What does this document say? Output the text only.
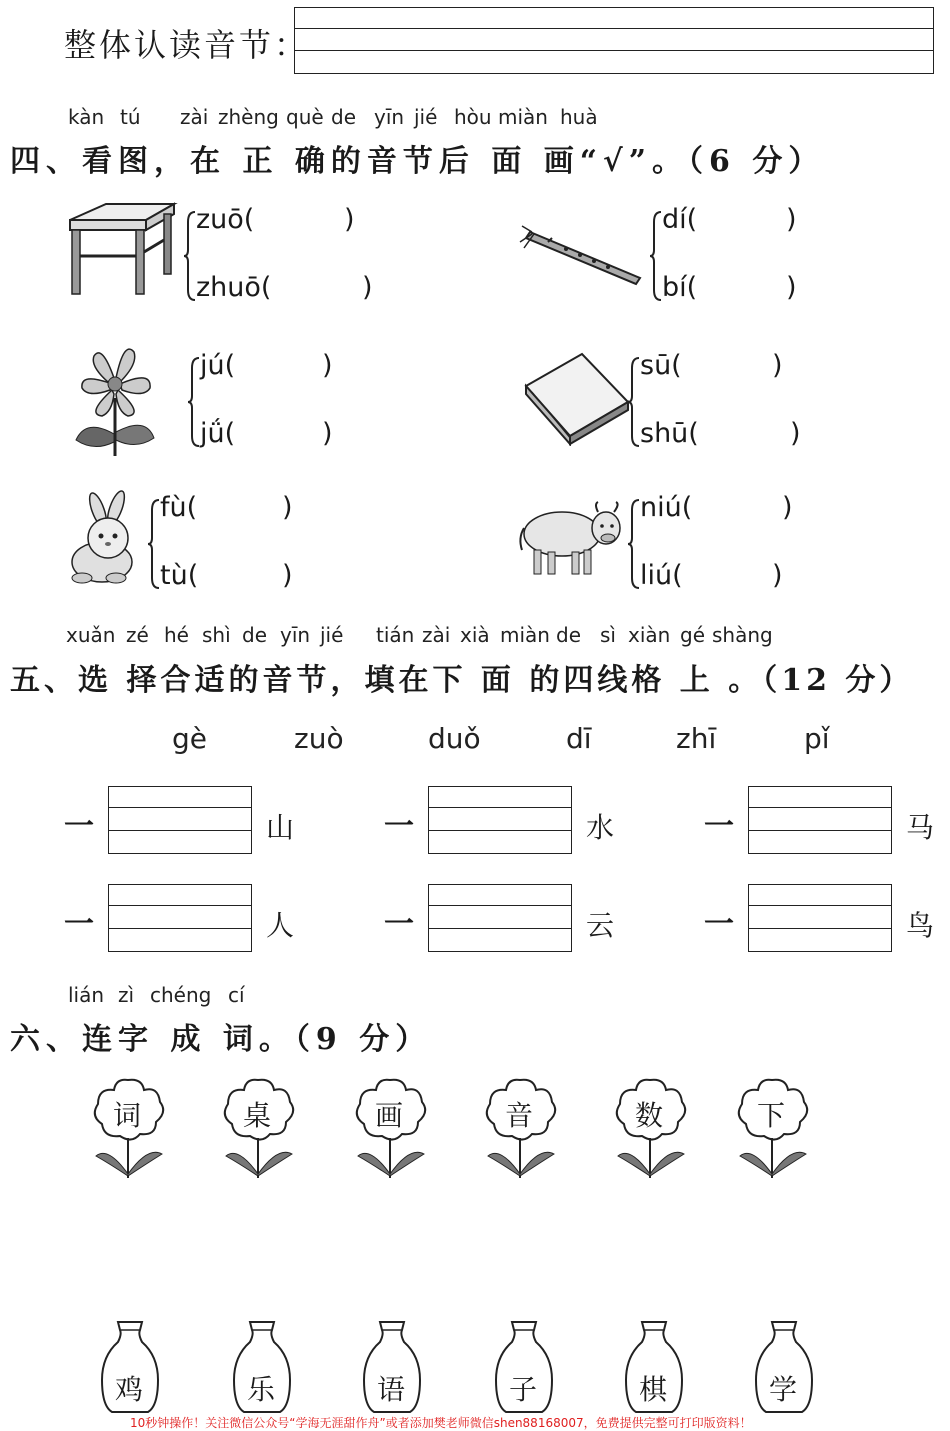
整体认读音节：
kàn tú zài zhèng què de yīn jié hòu miàn huà
四、看图，在 正 确的音节后 面 画“√”。（6 分）
zuō(	)
zhuō(	)
dí(	)
bí(	)
jú(	)
jǘ(	)
sū(	)
shū(	)
fù(	)
tù(	)
niú(	)
liú(	)
xuǎn zé hé shì de yīn jié tián zài xià miàn de sì xiàn gé shàng
五、选 择合适的音节，填在下 面 的四线格 上 。（12 分）
gè	zuò	duǒ	dī	zhī	pǐ
一	山	一	水	一	马
一	人	一	云	一	鸟
lián zì chéng cí
六、连字 成 词。（9 分）
词	桌	画	音	数	下
鸡	乐	语	子	棋	学
10秒钟操作！关注微信公众号“学海无涯甜作舟”或者添加樊老师微信shen88168007，免费提供完整可打印版资料！
